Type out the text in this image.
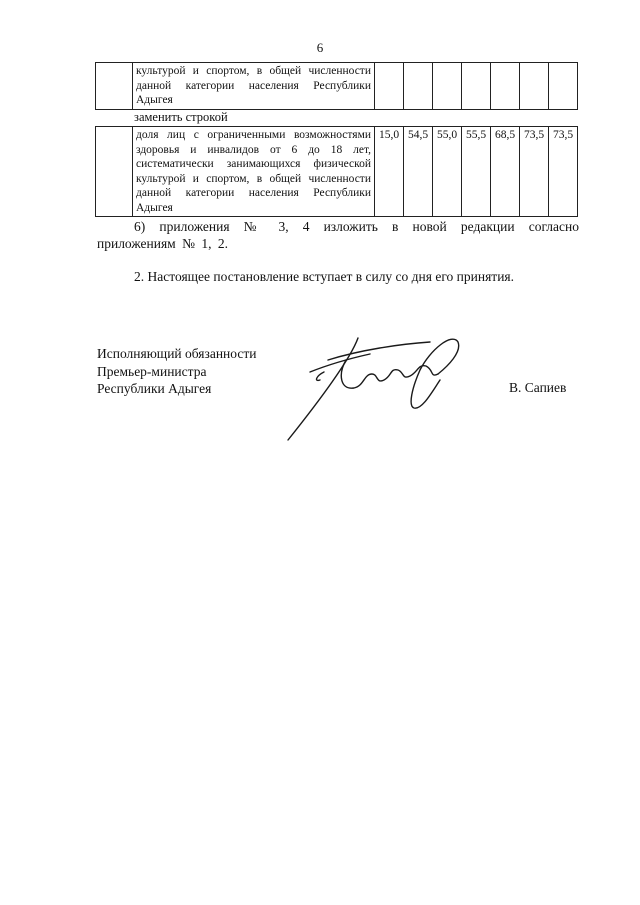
6
	культурой и спортом, в общей численности данной категории населения Республики Адыгея							
заменить строкой
	доля лиц с ограниченными возможностями здоровья и инвалидов от 6 до 18 лет, систематически занимающихся физической культурой и спортом, в общей численности данной категории населения Республики Адыгея	15,0	54,5	55,0	55,5	68,5	73,5	73,5
6) приложения № 3, 4 изложить в новой редакции согласно приложениям № 1, 2.
2. Настоящее постановление вступает в силу со дня его принятия.
Исполняющий обязанности
Премьер-министра
Республики Адыгея	В. Сапиев
